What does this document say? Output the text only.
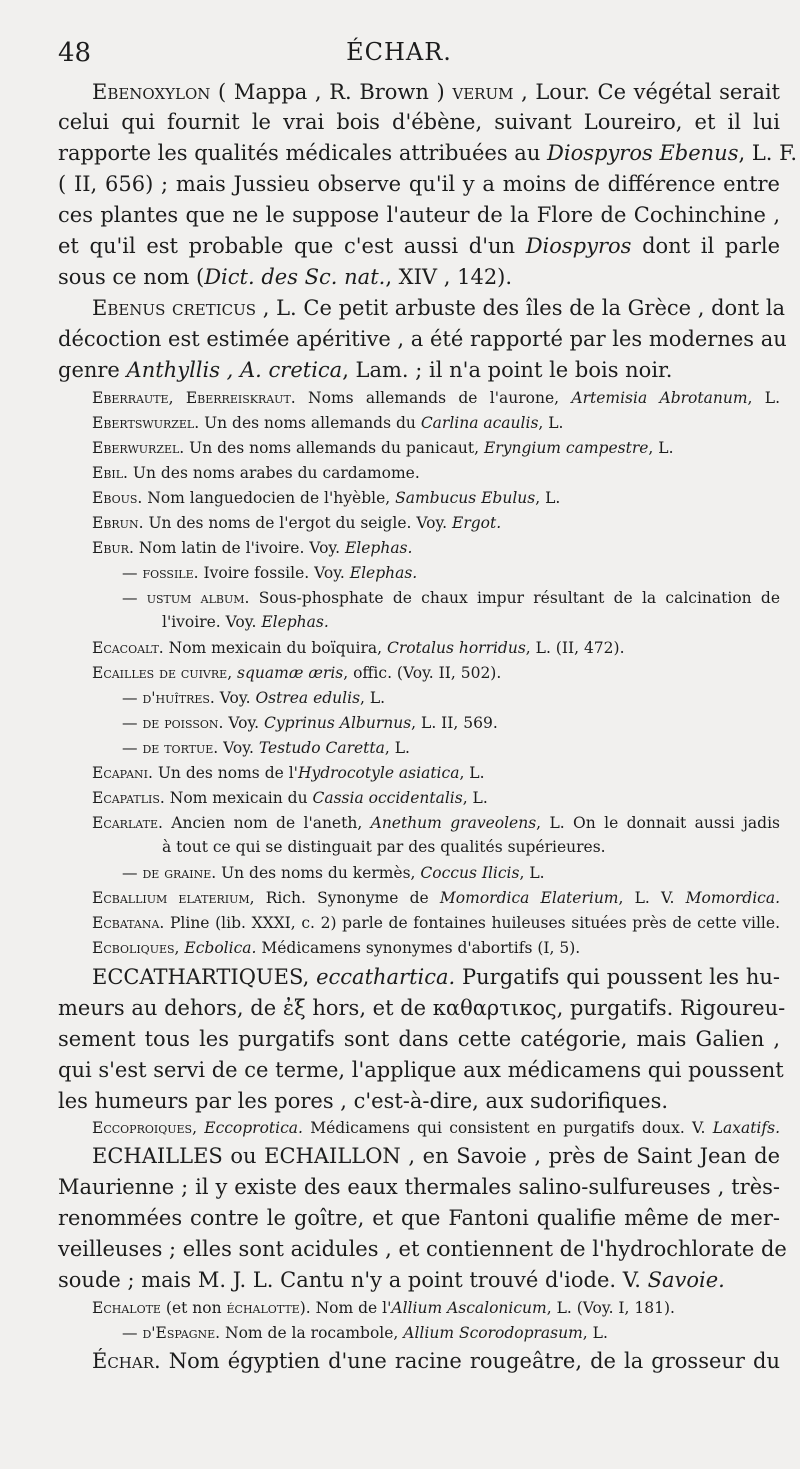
48	ÉCHAR.
Ebenoxylon ( Mappa , R. Brown ) verum , Lour. Ce végétal serait
celui qui fournit le vrai bois d'ébène, suivant Loureiro, et il lui
rapporte les qualités médicales attribuées au Diospyros Ebenus, L. F.
( II, 656) ; mais Jussieu observe qu'il y a moins de différence entre
ces plantes que ne le suppose l'auteur de la Flore de Cochinchine ,
et qu'il est probable que c'est aussi d'un Diospyros dont il parle
sous ce nom (Dict. des Sc. nat., XIV , 142).
Ebenus creticus , L. Ce petit arbuste des îles de la Grèce , dont la
décoction est estimée apéritive , a été rapporté par les modernes au
genre Anthyllis , A. cretica, Lam. ; il n'a point le bois noir.
Eberraute, Eberreiskraut. Noms allemands de l'aurone, Artemisia Abrotanum, L.
Ebertswurzel. Un des noms allemands du Carlina acaulis, L.
Eberwurzel. Un des noms allemands du panicaut, Eryngium campestre, L.
Ebil. Un des noms arabes du cardamome.
Ebous. Nom languedocien de l'hyèble, Sambucus Ebulus, L.
Ebrun. Un des noms de l'ergot du seigle. Voy. Ergot.
Ebur. Nom latin de l'ivoire. Voy. Elephas.
— fossile. Ivoire fossile. Voy. Elephas.
— ustum album. Sous-phosphate de chaux impur résultant de la calcination de
l'ivoire. Voy. Elephas.
Ecacoalt. Nom mexicain du boïquira, Crotalus horridus, L. (II, 472).
Ecailles de cuivre, squamæ æris, offic. (Voy. II, 502).
— d'huîtres. Voy. Ostrea edulis, L.
— de poisson. Voy. Cyprinus Alburnus, L. II, 569.
— de tortue. Voy. Testudo Caretta, L.
Ecapani. Un des noms de l'Hydrocotyle asiatica, L.
Ecapatlis. Nom mexicain du Cassia occidentalis, L.
Ecarlate. Ancien nom de l'aneth, Anethum graveolens, L. On le donnait aussi jadis
à tout ce qui se distinguait par des qualités supérieures.
— de graine. Un des noms du kermès, Coccus Ilicis, L.
Ecballium elaterium, Rich. Synonyme de Momordica Elaterium, L. V. Momordica.
Ecbatana. Pline (lib. XXXI, c. 2) parle de fontaines huileuses situées près de cette ville.
Ecboliques, Ecbolica. Médicamens synonymes d'abortifs (I, 5).
ECCATHARTIQUES, eccathartica. Purgatifs qui poussent les hu-
meurs au dehors, de ἐξ hors, et de καθαρτικος, purgatifs. Rigoureu-
sement tous les purgatifs sont dans cette catégorie, mais Galien ,
qui s'est servi de ce terme, l'applique aux médicamens qui poussent
les humeurs par les pores , c'est-à-dire, aux sudorifiques.
Eccoproiques, Eccoprotica. Médicamens qui consistent en purgatifs doux. V. Laxatifs.
ECHAILLES ou ECHAILLON , en Savoie , près de Saint Jean de
Maurienne ; il y existe des eaux thermales salino-sulfureuses , très-
renommées contre le goître, et que Fantoni qualifie même de mer-
veilleuses ; elles sont acidules , et contiennent de l'hydrochlorate de
soude ; mais M. J. L. Cantu n'y a point trouvé d'iode. V. Savoie.
Echalote (et non échalotte). Nom de l'Allium Ascalonicum, L. (Voy. I, 181).
— d'Espagne. Nom de la rocambole, Allium Scorodoprasum, L.
Échar. Nom égyptien d'une racine rougeâtre, de la grosseur du
